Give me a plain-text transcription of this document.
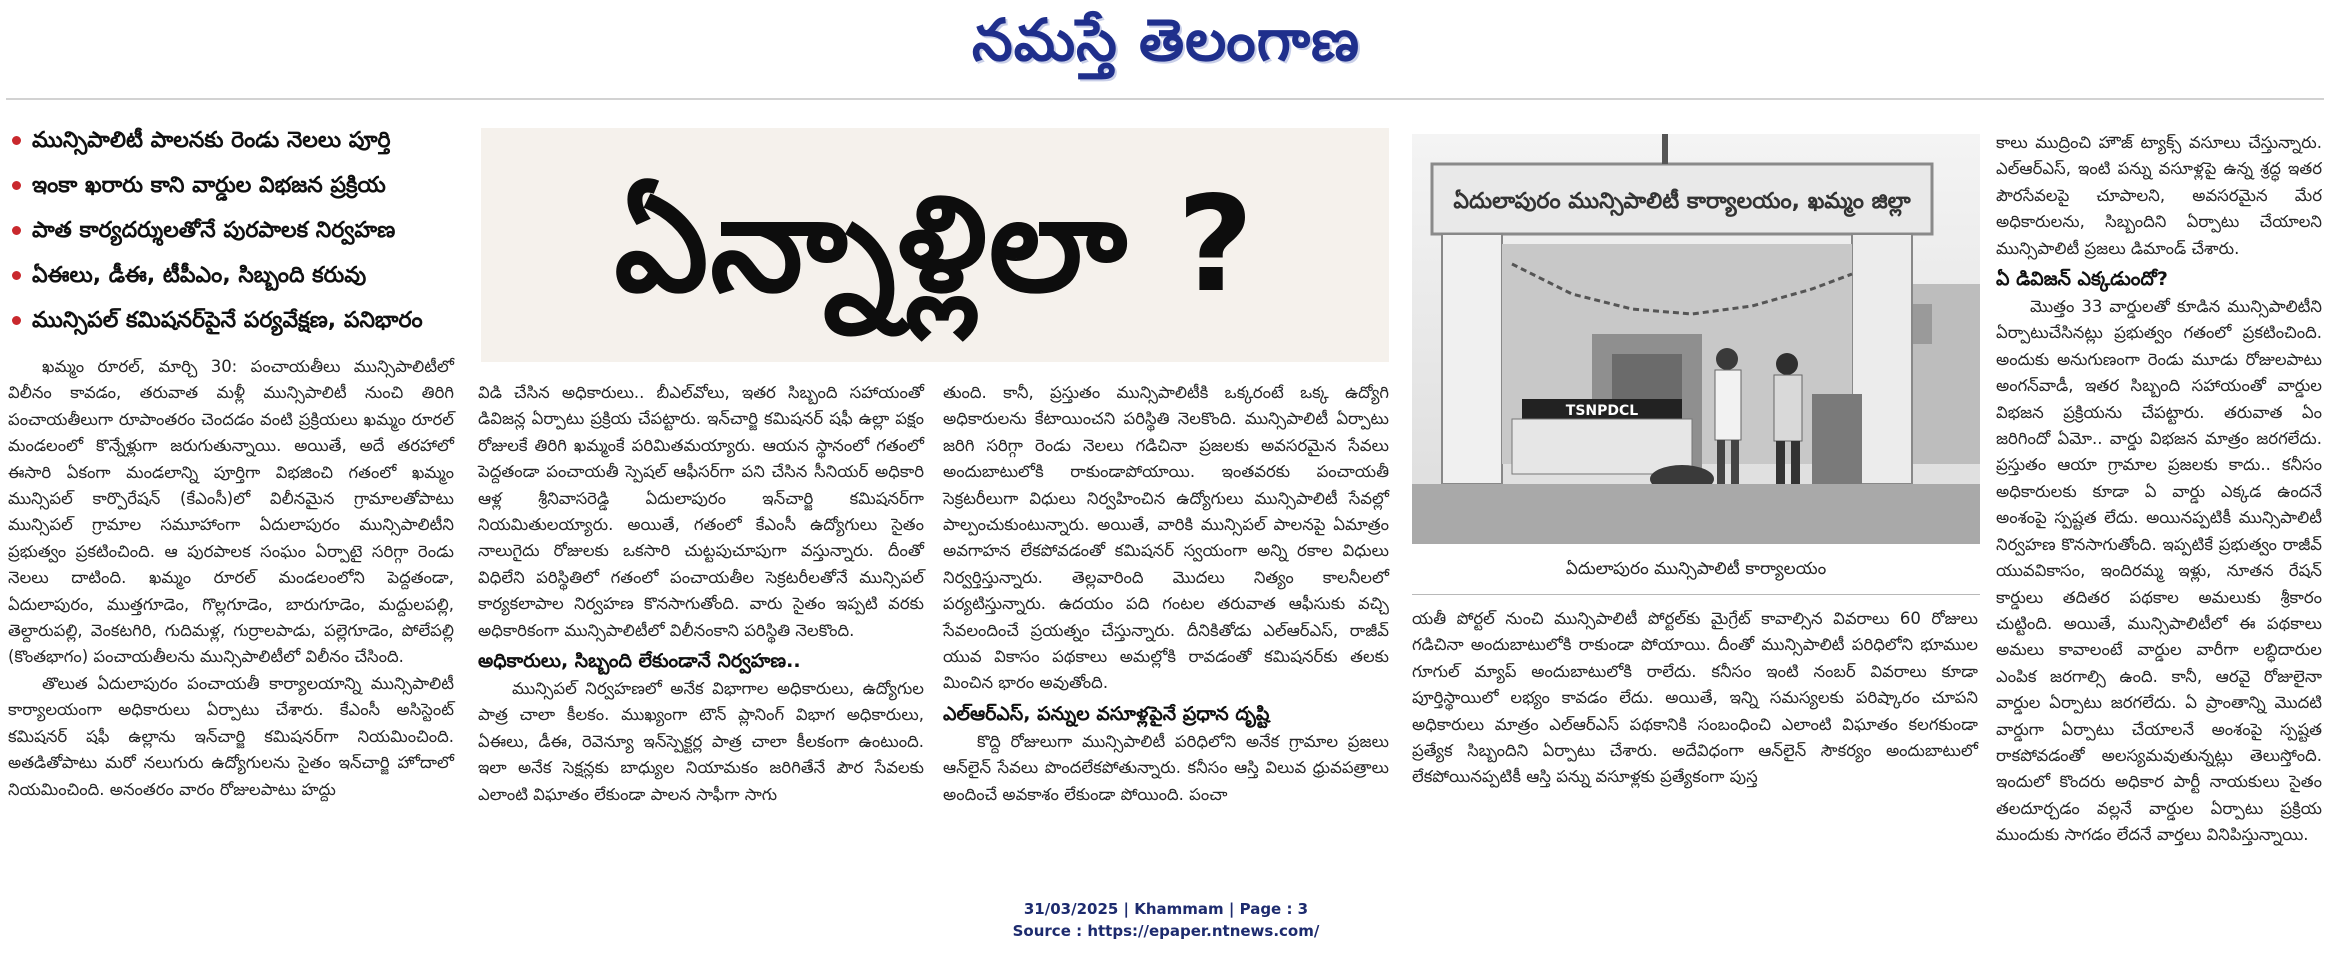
నమస్తే తెలంగాణ
మున్సిపాలిటీ పాలనకు రెండు నెలలు పూర్తి
ఇంకా ఖరారు కాని వార్డుల విభజన ప్రక్రియ
పాత కార్యదర్శులతోనే పురపాలక నిర్వహణ
ఏఈలు, డీఈ, టీపీఎం, సిబ్బంది కరువు
మున్సిపల్ కమిషనర్‌పైనే పర్యవేక్షణ, పనిభారం	ఏన్నాళ్లిలా ?

ఖమ్మం రూరల్, మార్చి 30: పంచాయతీలు మున్సిపాలిటీలో విలీనం కావడం, తరువాత మళ్లీ మున్సిపాలిటీ నుంచి తిరిగి పంచాయతీలుగా రూపాంతరం చెందడం వంటి ప్రక్రియలు ఖమ్మం రూరల్ మండలంలో కొన్నేళ్లుగా జరుగుతున్నాయి. అయితే, అదే తరహాలో ఈసారి ఏకంగా మండలాన్ని పూర్తిగా విభజించి గతంలో ఖమ్మం మున్సిపల్ కార్పొరేషన్ (కేఎంసీ)లో విలీనమైన గ్రామాలతోపాటు మున్సిపల్ గ్రామాల సమూహాంగా ఏదులాపురం మున్సిపాలిటీని ప్రభుత్వం ప్రకటించింది. ఆ పురపాలక సంఘం ఏర్పాటై సరిగ్గా రెండు నెలలు దాటింది. ఖమ్మం రూరల్ మండలంలోని పెద్దతండా, ఏదులాపురం, ముత్తగూడెం, గొల్లగూడెం, బారుగూడెం, మద్దులపల్లి, తెల్దారుపల్లి, వెంకటగిరి, గుదిమళ్ల, గుర్రాలపాడు, పల్లెగూడెం, పోలేపల్లి (కొంతభాగం) పంచాయతీలను మున్సిపాలిటీలో విలీనం చేసింది.

తొలుత ఏదులాపురం పంచాయతీ కార్యాలయాన్ని మున్సిపాలిటీ కార్యాలయంగా అధికారులు ఏర్పాటు చేశారు. కేఎంసీ అసిస్టెంట్ కమిషనర్ షఫీ ఉల్లాను ఇన్‌చార్జి కమిషనర్‌గా నియమించింది. అతడితోపాటు మరో నలుగురు ఉద్యోగులను సైతం ఇన్‌చార్జి హోదాలో నియమించింది. అనంతరం వారం రోజులపాటు హద్దు

విడి చేసిన అధికారులు.. బీఎల్‌వోలు, ఇతర సిబ్బంది సహాయంతో డివిజన్ల ఏర్పాటు ప్రక్రియ చేపట్టారు. ఇన్‌చార్జి కమిషనర్ షఫీ ఉల్లా పక్షం రోజులకే తిరిగి ఖమ్మంకే పరిమితమయ్యారు. ఆయన స్థానంలో గతంలో పెద్దతండా పంచాయతీ స్పెషల్ ఆఫీసర్‌గా పని చేసిన సీనియర్ అధికారి ఆళ్ల శ్రీనివాసరెడ్డి ఏదులాపురం ఇన్‌చార్జి కమిషనర్‌గా నియమితులయ్యారు. అయితే, గతంలో కేఎంసీ ఉద్యోగులు సైతం నాలుగైదు రోజులకు ఒకసారి చుట్టపుచూపుగా వస్తున్నారు. దీంతో విధిలేని పరిస్థితిలో గతంలో పంచాయతీల సెక్రటరీలతోనే మున్సిపల్ కార్యకలాపాల నిర్వహణ కొనసాగుతోంది. వారు సైతం ఇప్పటి వరకు అధికారికంగా మున్సిపాలిటీలో విలీనంకాని పరిస్థితి నెలకొంది.

అధికారులు, సిబ్బంది లేకుండానే నిర్వహణ..

మున్సిపల్ నిర్వహణలో అనేక విభాగాల అధికారులు, ఉద్యోగుల పాత్ర చాలా కీలకం. ముఖ్యంగా టౌన్ ప్లానింగ్ విభాగ అధికారులు, ఏఈలు, డీఈ, రెవెన్యూ ఇన్‌స్పెక్టర్ల పాత్ర చాలా కీలకంగా ఉంటుంది. ఇలా అనేక సెక్షన్లకు బాధ్యుల నియామకం జరిగితేనే పౌర సేవలకు ఎలాంటి విఘాతం లేకుండా పాలన సాఫీగా సాగు

తుంది. కానీ, ప్రస్తుతం మున్సిపాలిటీకి ఒక్కరంటే ఒక్క ఉద్యోగి అధికారులను కేటాయించని పరిస్థితి నెలకొంది. మున్సిపాలిటీ ఏర్పాటు జరిగి సరిగ్గా రెండు నెలలు గడిచినా ప్రజలకు అవసరమైన సేవలు అందుబాటులోకి రాకుండాపోయాయి. ఇంతవరకు పంచాయతీ సెక్రటరీలుగా విధులు నిర్వహించిన ఉద్యోగులు మున్సిపాలిటీ సేవల్లో పాల్పంచుకుంటున్నారు. అయితే, వారికి మున్సిపల్ పాలనపై ఏమాత్రం అవగాహన లేకపోవడంతో కమిషనర్ స్వయంగా అన్ని రకాల విధులు నిర్వర్తిస్తున్నారు. తెల్లవారింది మొదలు నిత్యం కాలనీలలో పర్యటిస్తున్నారు. ఉదయం పది గంటల తరువాత ఆఫీసుకు వచ్చి సేవలందించే ప్రయత్నం చేస్తున్నారు. దీనికితోడు ఎల్‌ఆర్‌ఎస్, రాజీవ్ యువ వికాసం పథకాలు అమల్లోకి రావడంతో కమిషనర్‌కు తలకు మించిన భారం అవుతోంది.

ఎల్‌ఆర్‌ఎస్, పన్నుల వసూళ్లపైనే ప్రధాన దృష్టి

కొద్ది రోజులుగా మున్సిపాలిటీ పరిధిలోని అనేక గ్రామాల ప్రజలు ఆన్‌లైన్ సేవలు పొందలేకపోతున్నారు. కనీసం ఆస్తి విలువ ధ్రువపత్రాలు అందించే అవకాశం లేకుండా పోయింది. పంచా

ఏదులాపురం మున్సిపాలిటీ కార్యాలయం, ఖమ్మం జిల్లా
TSNPDCL
ఏదులాపురం మున్సిపాలిటీ కార్యాలయం

యతీ పోర్టల్ నుంచి మున్సిపాలిటీ పోర్టల్‌కు మైగ్రేట్ కావాల్సిన వివరాలు 60 రోజులు గడిచినా అందుబాటులోకి రాకుండా పోయాయి. దీంతో మున్సిపాలిటీ పరిధిలోని భూముల గూగుల్ మ్యాప్ అందుబాటులోకి రాలేదు. కనీసం ఇంటి నంబర్ వివరాలు కూడా పూర్తిస్థాయిలో లభ్యం కావడం లేదు. అయితే, ఇన్ని సమస్యలకు పరిష్కారం చూపని అధికారులు మాత్రం ఎల్‌ఆర్‌ఎస్ పథకానికి సంబంధించి ఎలాంటి విఘాతం కలగకుండా ప్రత్యేక సిబ్బందిని ఏర్పాటు చేశారు. అదేవిధంగా ఆన్‌లైన్ సౌకర్యం అందుబాటులో లేకపోయినప్పటికీ ఆస్తి పన్ను వసూళ్లకు ప్రత్యేకంగా పుస్త

కాలు ముద్రించి హౌజ్ ట్యాక్స్ వసూలు చేస్తున్నారు. ఎల్‌ఆర్‌ఎస్, ఇంటి పన్ను వసూళ్లపై ఉన్న శ్రద్ధ ఇతర పౌరసేవలపై చూపాలని, అవసరమైన మేర అధికారులను, సిబ్బందిని ఏర్పాటు చేయాలని మున్సిపాలిటీ ప్రజలు డిమాండ్ చేశారు.

ఏ డివిజన్ ఎక్కడుందో?

మొత్తం 33 వార్డులతో కూడిన మున్సిపాలిటీని ఏర్పాటుచేసినట్లు ప్రభుత్వం గతంలో ప్రకటించింది. అందుకు అనుగుణంగా రెండు మూడు రోజులపాటు అంగన్‌వాడీ, ఇతర సిబ్బంది సహాయంతో వార్డుల విభజన ప్రక్రియను చేపట్టారు. తరువాత ఏం జరిగిందో ఏమో.. వార్డు విభజన మాత్రం జరగలేదు. ప్రస్తుతం ఆయా గ్రామాల ప్రజలకు కాదు.. కనీసం అధికారులకు కూడా ఏ వార్డు ఎక్కడ ఉందనే అంశంపై స్పష్టత లేదు. అయినప్పటికీ మున్సిపాలిటీ నిర్వహణ కొనసాగుతోంది. ఇప్పటికే ప్రభుత్వం రాజీవ్ యువవికాసం, ఇందిరమ్మ ఇళ్లు, నూతన రేషన్ కార్డులు తదితర పథకాల అమలుకు శ్రీకారం చుట్టింది. అయితే, మున్సిపాలిటీలో ఈ పథకాలు అమలు కావాలంటే వార్డుల వారీగా లబ్ధిదారుల ఎంపిక జరగాల్సి ఉంది. కానీ, ఆరవై రోజులైనా వార్డుల ఏర్పాటు జరగలేదు. ఏ ప్రాంతాన్ని మొదటి వార్డుగా ఏర్పాటు చేయాలనే అంశంపై స్పష్టత రాకపోవడంతో అలస్యమవుతున్నట్లు తెలుస్తోంది. ఇందులో కొందరు అధికార పార్టీ నాయకులు సైతం తలదూర్చడం వల్లనే వార్డుల ఏర్పాటు ప్రక్రియ ముందుకు సాగడం లేదనే వార్తలు వినిపిస్తున్నాయి.

31/03/2025 | Khammam | Page : 3
Source : https://epaper.ntnews.com/
